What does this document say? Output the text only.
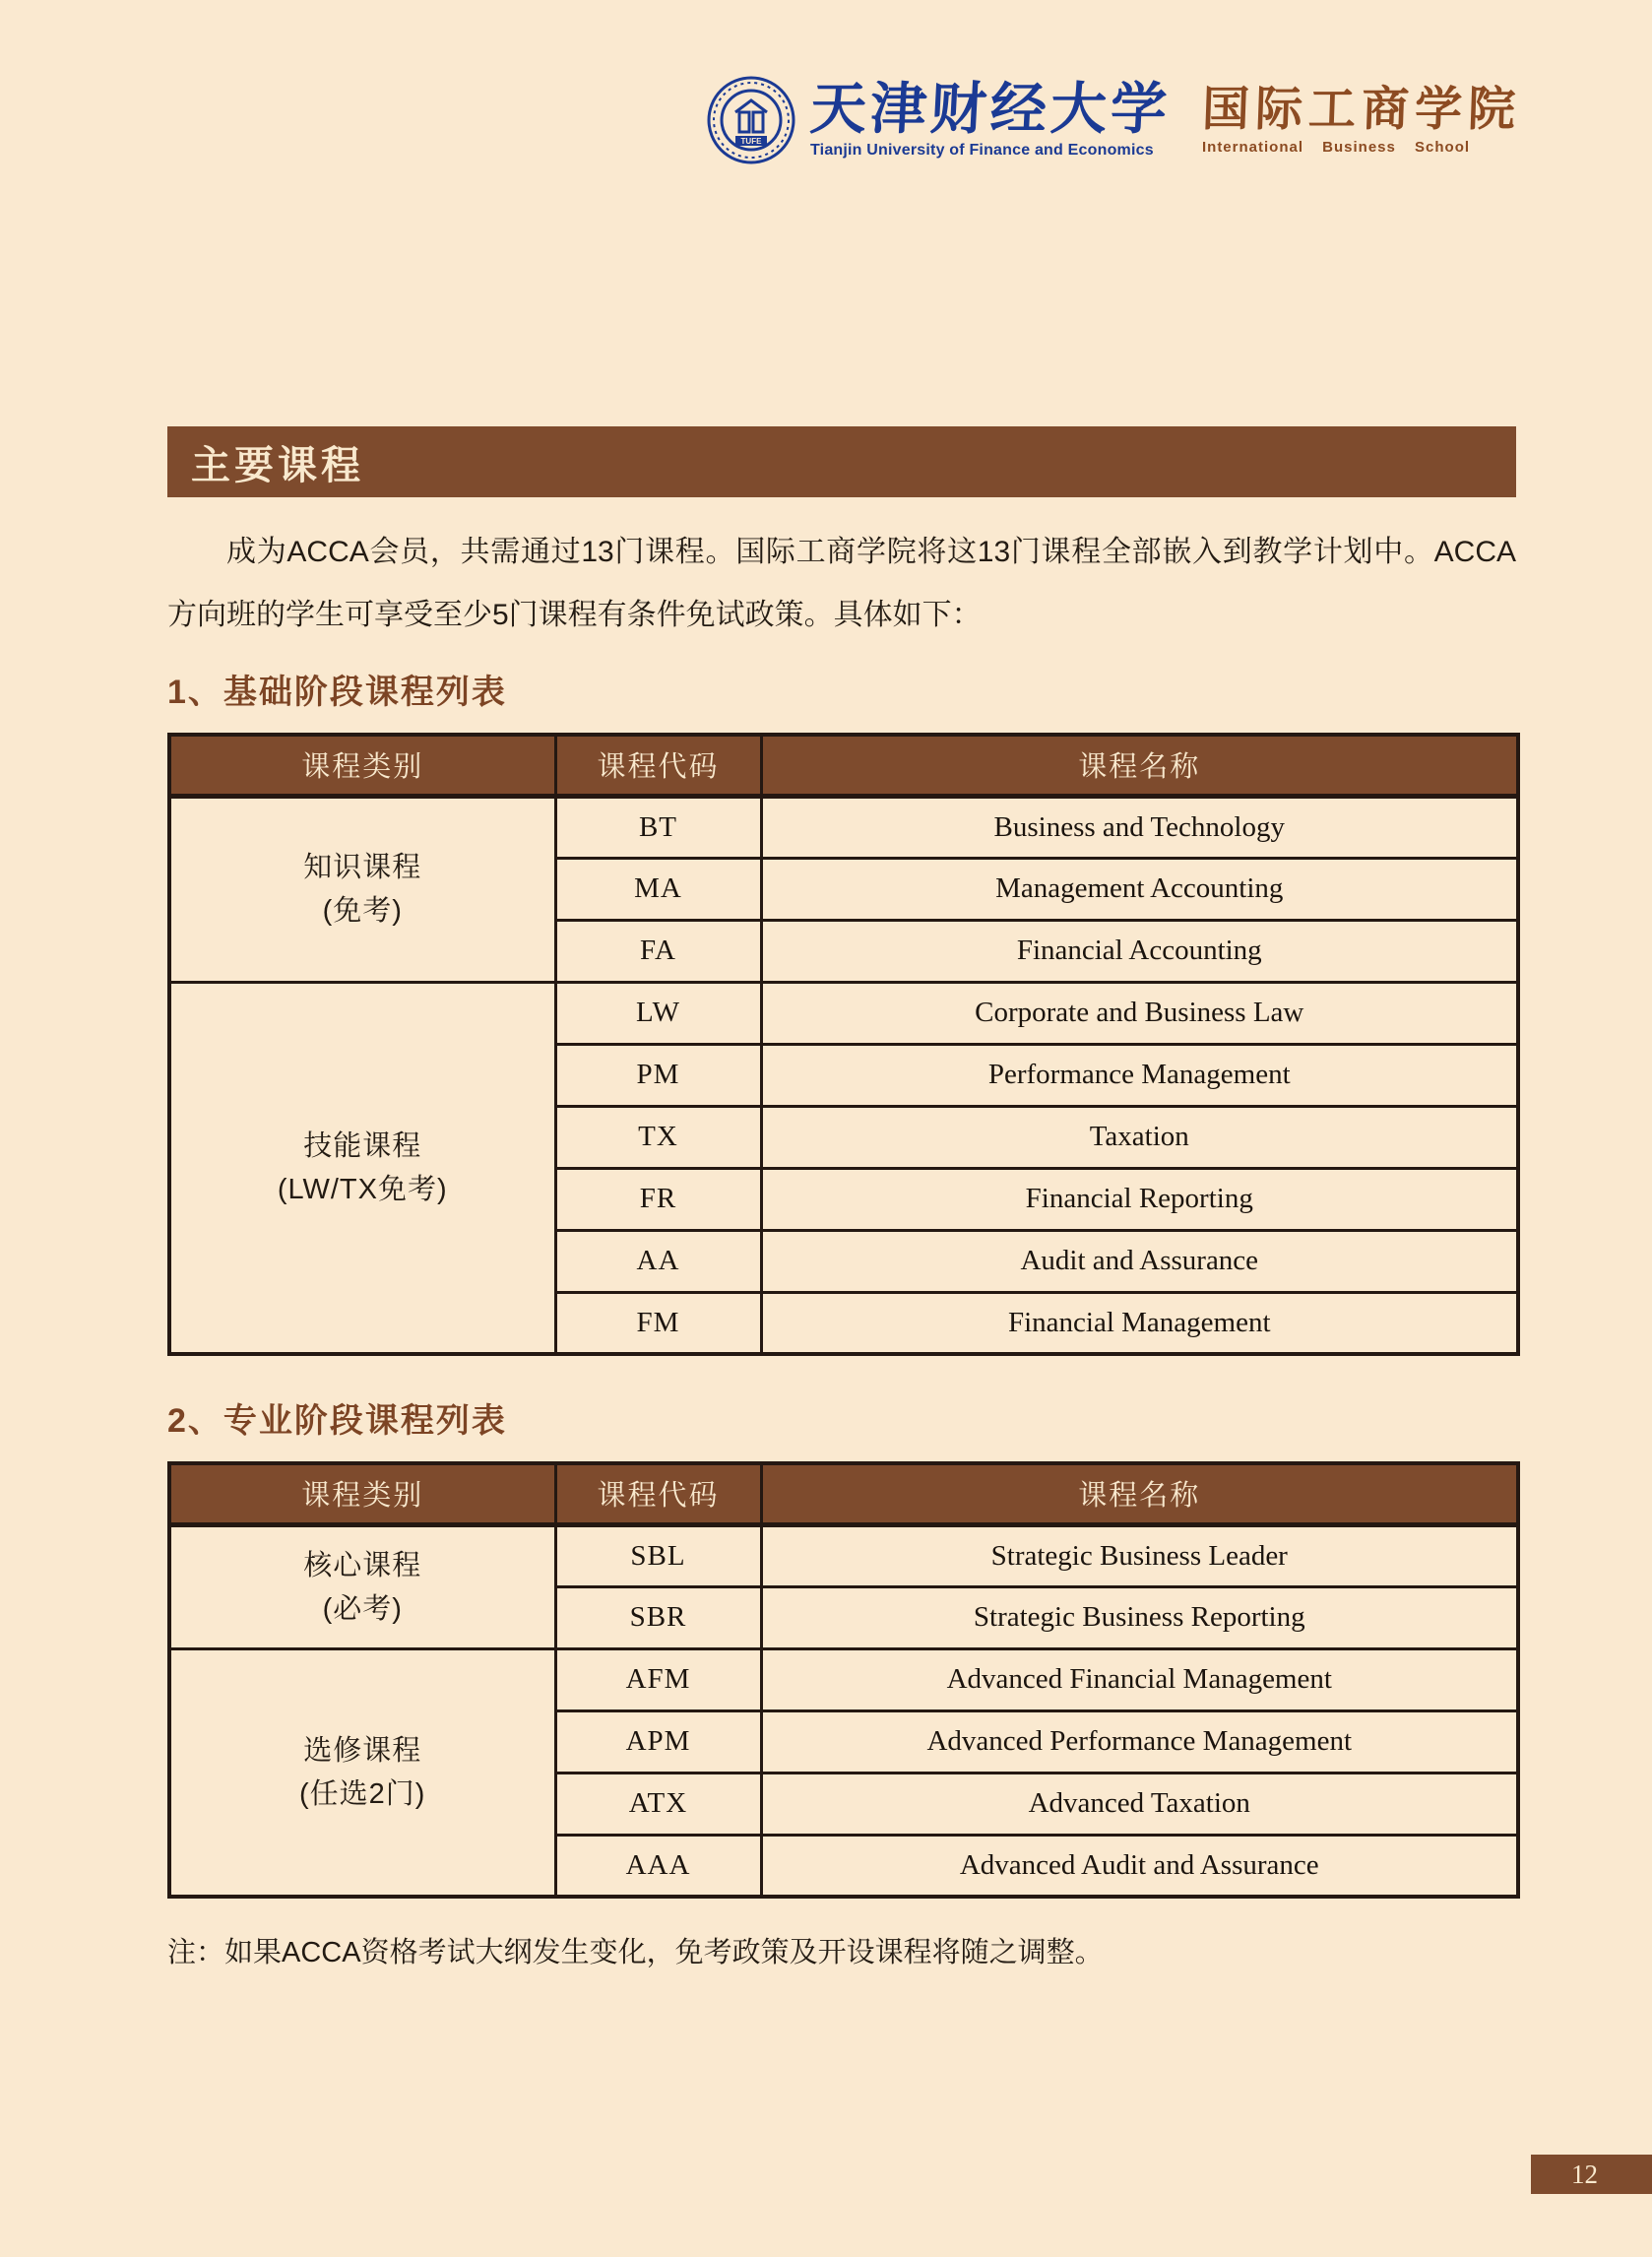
TUFE
天津财经大学
Tianjin University of Finance and Economics
国际工商学院
International Business School
主要课程

成为ACCA会员，共需通过13门课程。国际工商学院将这13门课程全部嵌入到教学计划中。ACCA方向班的学生可享受至少5门课程有条件免试政策。具体如下：

1、基础阶段课程列表
课程类别	课程代码	课程名称

知识课程
(免考)	BT	Business and Technology
	MA	Management Accounting
	FA	Financial Accounting

技能课程
(LW/TX免考)	LW	Corporate and Business Law
	PM	Performance Management
	TX	Taxation
	FR	Financial Reporting
	AA	Audit and Assurance
	FM	Financial Management
2、专业阶段课程列表
课程类别	课程代码	课程名称

核心课程
(必考)	SBL	Strategic Business Leader
	SBR	Strategic Business Reporting

选修课程
(任选2门)	AFM	Advanced Financial Management
	APM	Advanced Performance Management
	ATX	Advanced Taxation
	AAA	Advanced Audit and Assurance

注：如果ACCA资格考试大纲发生变化，免考政策及开设课程将随之调整。

12
